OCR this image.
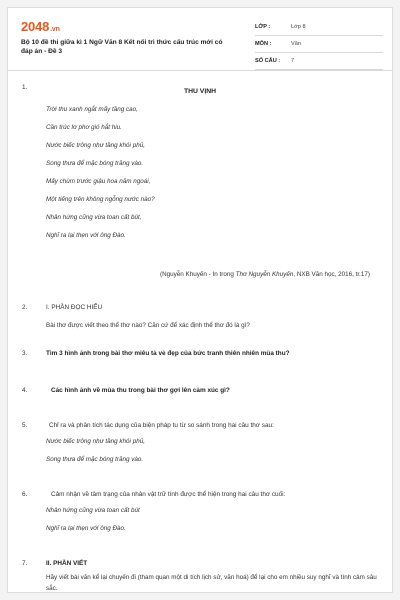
2048.vn
Bộ 10 đề thi giữa kì 1 Ngữ Văn 8 Kết nối tri thức cấu trúc mới có đáp án - Đề 3
LỚP :	Lớp 8
MÔN :	Văn
SỐ CÂU : 7
1.
THU VỊNH
Trời thu xanh ngắt mấy tầng cao,
Cần trúc lơ phơ gió hắt hiu.
Nước biếc trông như tầng khói phủ,
Song thưa để mặc bóng trăng vào.
Mấy chùm trước giậu hoa năm ngoái,
Một tiếng trên không ngỗng nước nào?
Nhân hứng cũng vừa toan cất bút,
Nghĩ ra lại thẹn với ông Đào.
(Nguyễn Khuyến - In trong Thơ Nguyễn Khuyến, NXB Văn học, 2016, tr.17)
2.	I. PHẦN ĐỌC HIỂU
Bài thơ được viết theo thể thơ nào? Căn cứ để xác định thể thơ đó là gì?
3.	Tìm 3 hình ảnh trong bài thơ miêu tả vẻ đẹp của bức tranh thiên nhiên mùa thu?
4.	Các hình ảnh về mùa thu trong bài thơ gợi lên cảm xúc gì?
5.	Chỉ ra và phân tích tác dụng của biện pháp tu từ so sánh trong hai câu thơ sau:
Nước biếc trông như tầng khói phủ,
Song thưa để mặc bóng trăng vào.
6.	Cảm nhận về tâm trạng của nhân vật trữ tình được thể hiện trong hai câu thơ cuối:
Nhân hứng cũng vừa toan cất bút
Nghĩ ra lại thẹn với ông Đào.
7.	II. PHẦN VIẾT
Hãy viết bài văn kể lại chuyến đi (tham quan một di tích lịch sử, văn hoá) để lại cho em nhiều suy nghĩ và tình cảm sâu sắc.
